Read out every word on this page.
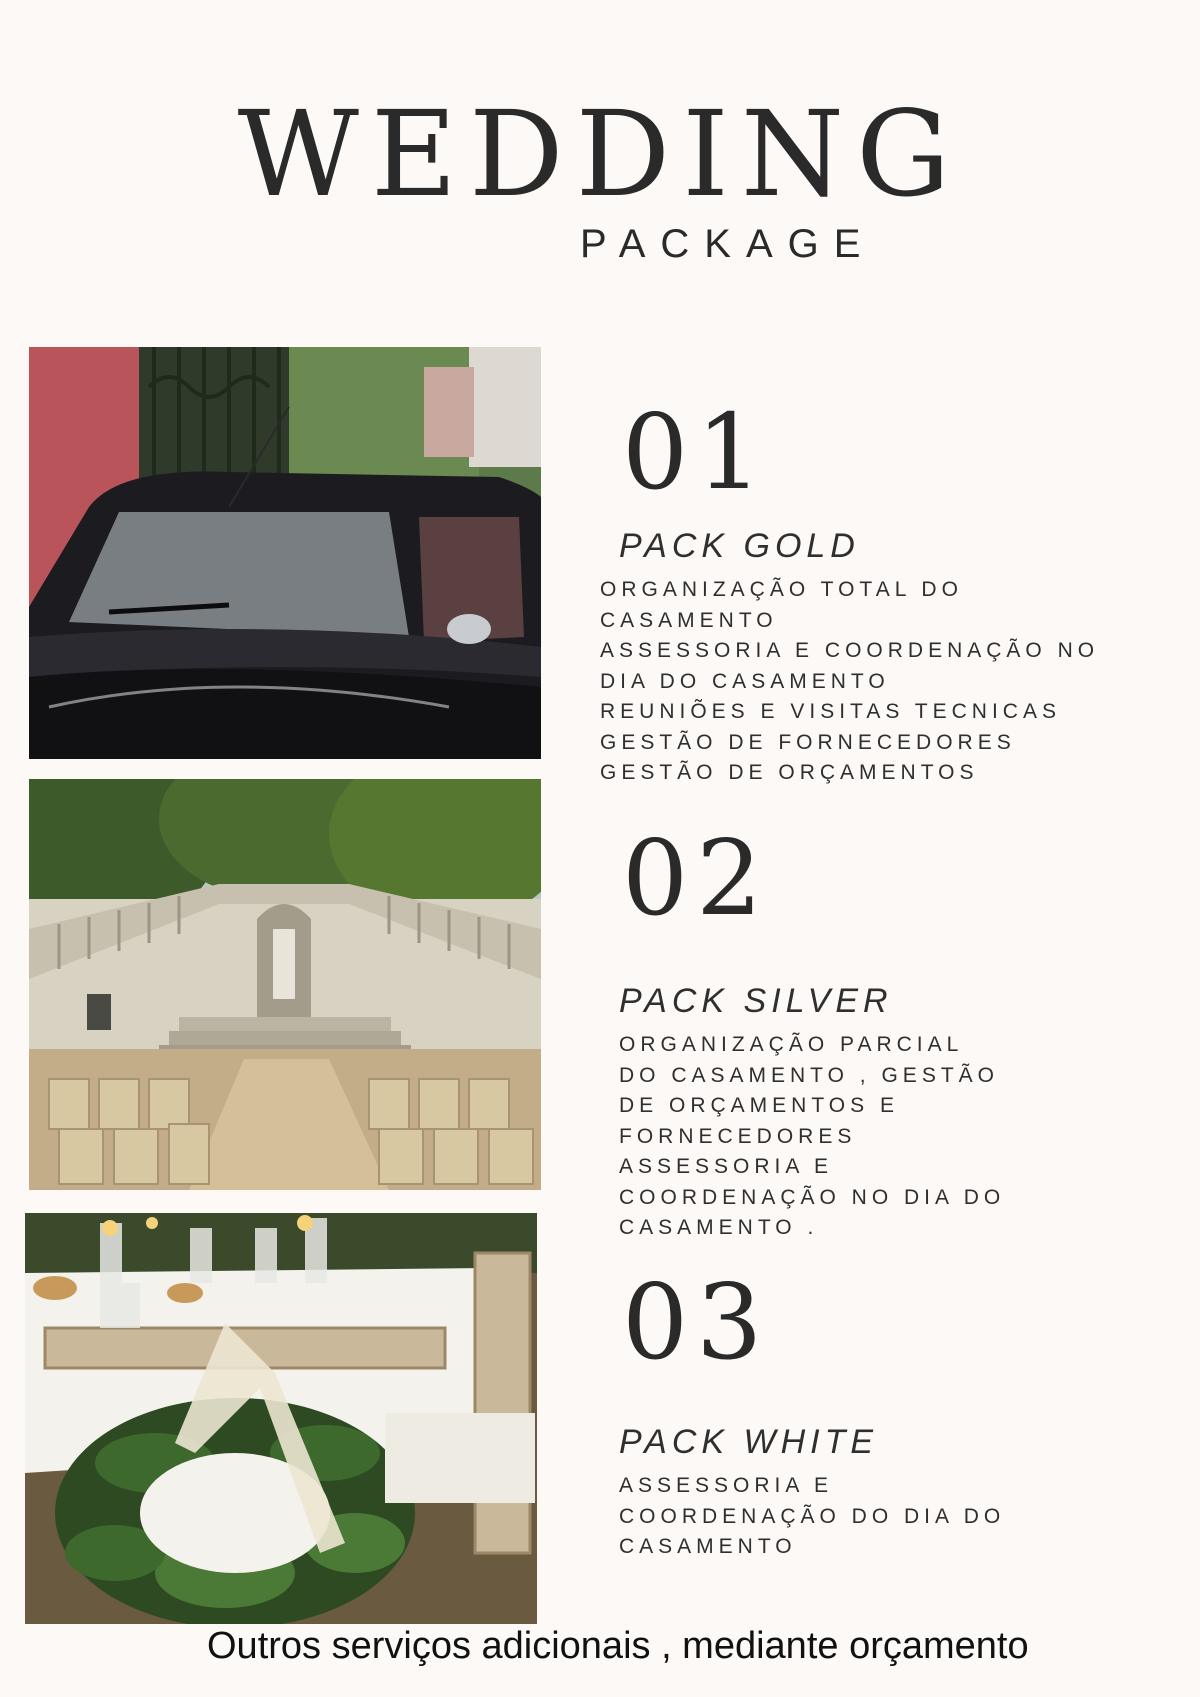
WEDDING
PACKAGE
01
PACK GOLD
ORGANIZAÇÃO TOTAL DO
CASAMENTO
ASSESSORIA E COORDENAÇÃO NO
DIA DO CASAMENTO
REUNIÕES E VISITAS TECNICAS
GESTÃO DE FORNECEDORES
GESTÃO DE ORÇAMENTOS
02
PACK SILVER
ORGANIZAÇÃO PARCIAL
DO CASAMENTO , GESTÃO
DE ORÇAMENTOS E
FORNECEDORES
ASSESSORIA E
COORDENAÇÃO NO DIA DO
CASAMENTO .
03
PACK WHITE
ASSESSORIA E
COORDENAÇÃO DO DIA DO
CASAMENTO
Outros serviços adicionais , mediante orçamento
